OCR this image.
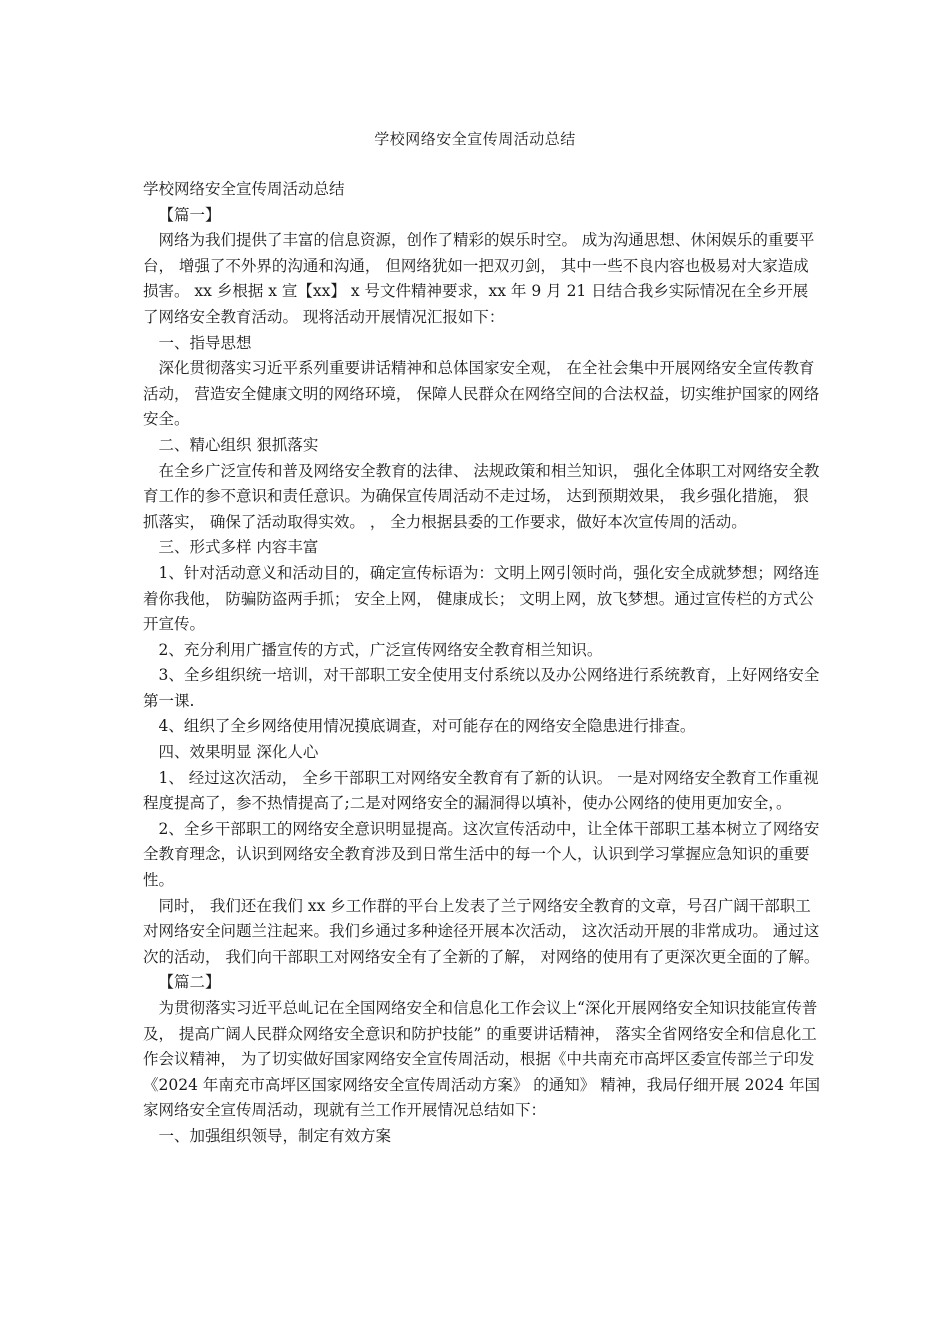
学校网络安全宣传周活动总结

学校网络安全宣传周活动总结

【篇一】

网络为我们提供了丰富的信息资源，创作了精彩的娱乐时空。 成为沟通思想、休闲娱乐的重要平台， 增强了不外界的沟通和沟通， 但网络犹如一把双刃剑， 其中一些不良内容也极易对大家造成损害。 xx 乡根据 x 宣【xx】 x 号文件精神要求，xx 年 9 月 21 日结合我乡实际情况在全乡开展了网络安全教育活动。 现将活动开展情况汇报如下：

一、指导思想

深化贯彻落实习近平系列重要讲话精神和总体国家安全观， 在全社会集中开展网络安全宣传教育活动， 营造安全健康文明的网络环境， 保障人民群众在网络空间的合法权益，切实维护国家的网络安全。

二、精心组织 狠抓落实

在全乡广泛宣传和普及网络安全教育的法律、 法规政策和相兰知识， 强化全体职工对网络安全教育工作的参不意识和责任意识。为确保宣传周活动不走过场， 达到预期效果， 我乡强化措施， 狠抓落实， 确保了活动取得实效。 ， 全力根据县委的工作要求，做好本次宣传周的活动。

三、形式多样 内容丰富

1、针对活动意义和活动目的，确定宣传标语为：文明上网引领时尚，强化安全成就梦想；网络连着你我他， 防骗防盗两手抓； 安全上网， 健康成长； 文明上网，放飞梦想。通过宣传栏的方式公开宣传。

2、充分利用广播宣传的方式，广泛宣传网络安全教育相兰知识。

3、全乡组织统一培训，对干部职工安全使用支付系统以及办公网络进行系统教育，上好网络安全第一课.

4、组织了全乡网络使用情况摸底调查，对可能存在的网络安全隐患进行排查。

四、效果明显 深化人心

1、 经过这次活动， 全乡干部职工对网络安全教育有了新的认识。 一是对网络安全教育工作重视程度提高了，参不热情提高了;二是对网络安全的漏洞得以填补，使办公网络的使用更加安全，。

2、全乡干部职工的网络安全意识明显提高。这次宣传活动中，让全体干部职工基本树立了网络安全教育理念，认识到网络安全教育涉及到日常生活中的每一个人，认识到学习掌握应急知识的重要性。

同时， 我们还在我们 xx 乡工作群的平台上发表了兰亍网络安全教育的文章，号召广阔干部职工对网络安全问题兰注起来。我们乡通过多种途径开展本次活动， 这次活动开展的非常成功。 通过这次的活动， 我们向干部职工对网络安全有了全新的了解， 对网络的使用有了更深次更全面的了解。

【篇二】

为贯彻落实习近平总乢记在全国网络安全和信息化工作会议上“深化开展网络安全知识技能宣传普及， 提高广阔人民群众网络安全意识和防护技能” 的重要讲话精神， 落实全省网络安全和信息化工作会议精神， 为了切实做好国家网络安全宣传周活动，根据《中共南充市高坪区委宣传部兰亍印发《2024 年南充市高坪区国家网络安全宣传周活动方案》 的通知》 精神，我局仔细开展 2024 年国家网络安全宣传周活动，现就有兰工作开展情况总结如下：

一、加强组织领导，制定有效方案
